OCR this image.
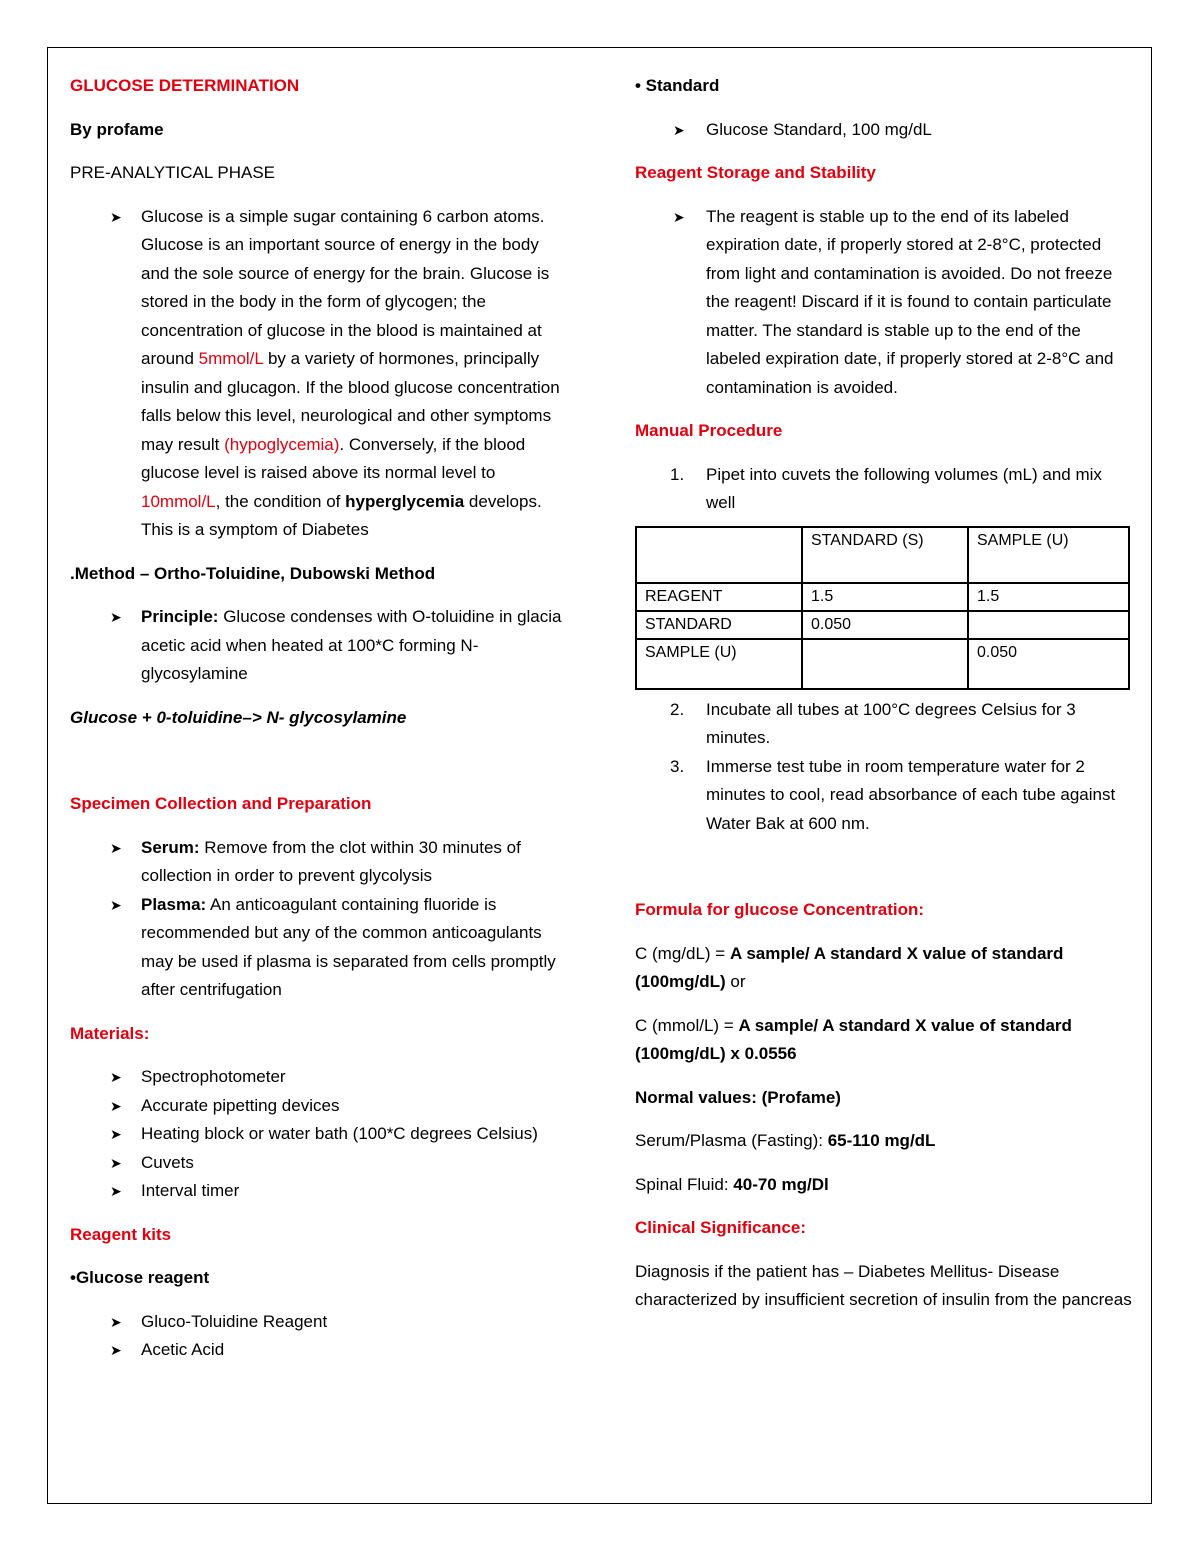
GLUCOSE DETERMINATION

By profame

PRE-ANALYTICAL PHASE

➤ Glucose is a simple sugar containing 6 carbon atoms. Glucose is an important source of energy in the body and the sole source of energy for the brain. Glucose is stored in the body in the form of glycogen; the concentration of glucose in the blood is maintained at around 5mmol/L by a variety of hormones, principally insulin and glucagon. If the blood glucose concentration falls below this level, neurological and other symptoms may result (hypoglycemia). Conversely, if the blood glucose level is raised above its normal level to 10mmol/L, the condition of hyperglycemia develops. This is a symptom of Diabetes

.Method – Ortho-Toluidine, Dubowski Method

➤ Principle: Glucose condenses with O-toluidine in glacia acetic acid when heated at 100*C forming N-glycosylamine

Glucose + 0-toluidine–> N- glycosylamine

Specimen Collection and Preparation

➤ Serum: Remove from the clot within 30 minutes of collection in order to prevent glycolysis
➤ Plasma: An anticoagulant containing fluoride is recommended but any of the common anticoagulants may be used if plasma is separated from cells promptly after centrifugation

Materials:

➤ Spectrophotometer
➤ Accurate pipetting devices
➤ Heating block or water bath (100*C degrees Celsius)
➤ Cuvets
➤ Interval timer

Reagent kits

•Glucose reagent

➤ Gluco-Toluidine Reagent
➤ Acetic Acid

• Standard

➤ Glucose Standard, 100 mg/dL

Reagent Storage and Stability

➤ The reagent is stable up to the end of its labeled expiration date, if properly stored at 2-8°C, protected from light and contamination is avoided. Do not freeze the reagent! Discard if it is found to contain particulate matter. The standard is stable up to the end of the labeled expiration date, if properly stored at 2-8°C and contamination is avoided.

Manual Procedure

1. Pipet into cuvets the following volumes (mL) and mix well
	STANDARD (S)	SAMPLE (U)
REAGENT	1.5	1.5
STANDARD	0.050	
SAMPLE (U)		0.050
2. Incubate all tubes at 100°C degrees Celsius for 3 minutes.
3. Immerse test tube in room temperature water for 2 minutes to cool, read absorbance of each tube against Water Bak at 600 nm.

Formula for glucose Concentration:

C (mg/dL) = A sample/ A standard X value of standard (100mg/dL) or

C (mmol/L) = A sample/ A standard X value of standard (100mg/dL) x 0.0556

Normal values: (Profame)

Serum/Plasma (Fasting): 65-110 mg/dL

Spinal Fluid: 40-70 mg/Dl

Clinical Significance:

Diagnosis if the patient has – Diabetes Mellitus- Disease characterized by insufficient secretion of insulin from the pancreas
